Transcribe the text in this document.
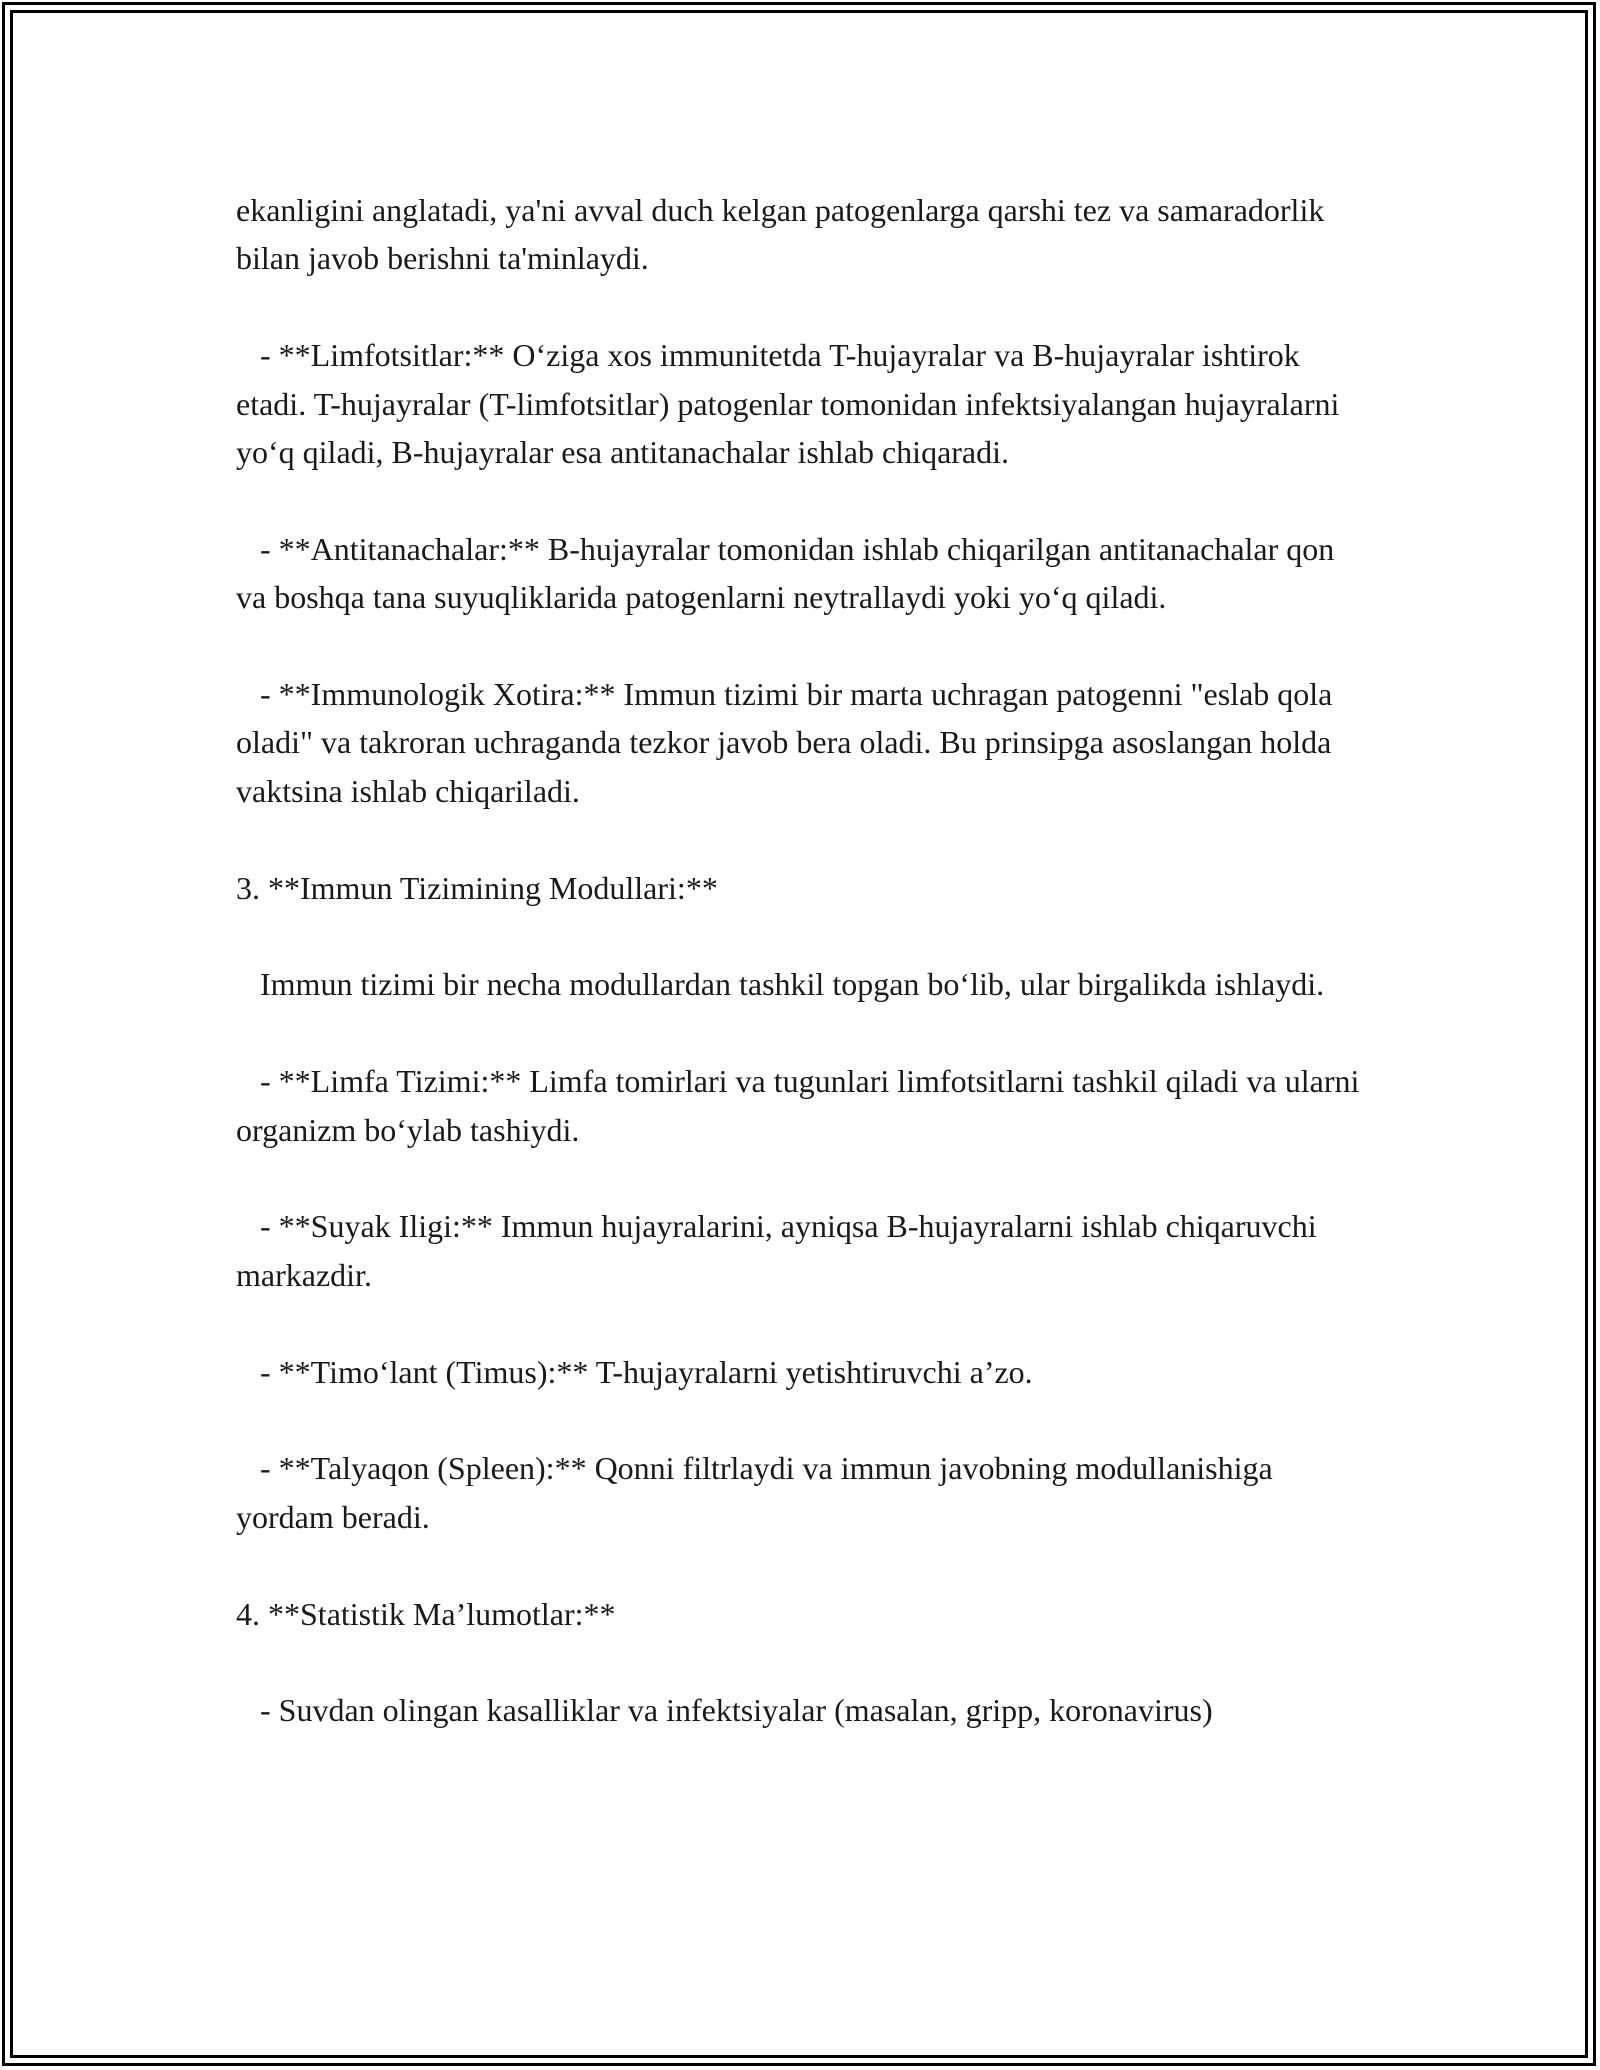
ekanligini anglatadi, ya'ni avval duch kelgan patogenlarga qarshi tez va samaradorlik bilan javob berishni ta'minlaydi.

- **Limfotsitlar:** O‘ziga xos immunitetda T-hujayralar va B-hujayralar ishtirok etadi. T-hujayralar (T-limfotsitlar) patogenlar tomonidan infektsiyalangan hujayralarni yo‘q qiladi, B-hujayralar esa antitanachalar ishlab chiqaradi.

- **Antitanachalar:** B-hujayralar tomonidan ishlab chiqarilgan antitanachalar qon va boshqa tana suyuqliklarida patogenlarni neytrallaydi yoki yo‘q qiladi.

- **Immunologik Xotira:** Immun tizimi bir marta uchragan patogenni "eslab qola oladi" va takroran uchraganda tezkor javob bera oladi. Bu prinsipga asoslangan holda vaktsina ishlab chiqariladi.

3. **Immun Tizimining Modullari:**

Immun tizimi bir necha modullardan tashkil topgan bo‘lib, ular birgalikda ishlaydi.

- **Limfa Tizimi:** Limfa tomirlari va tugunlari limfotsitlarni tashkil qiladi va ularni organizm bo‘ylab tashiydi.

- **Suyak Iligi:** Immun hujayralarini, ayniqsa B-hujayralarni ishlab chiqaruvchi markazdir.

- **Timo‘lant (Timus):** T-hujayralarni yetishtiruvchi a’zo.

- **Talyaqon (Spleen):** Qonni filtrlaydi va immun javobning modullanishiga yordam beradi.

4. **Statistik Ma’lumotlar:**

- Suvdan olingan kasalliklar va infektsiyalar (masalan, gripp, koronavirus)
